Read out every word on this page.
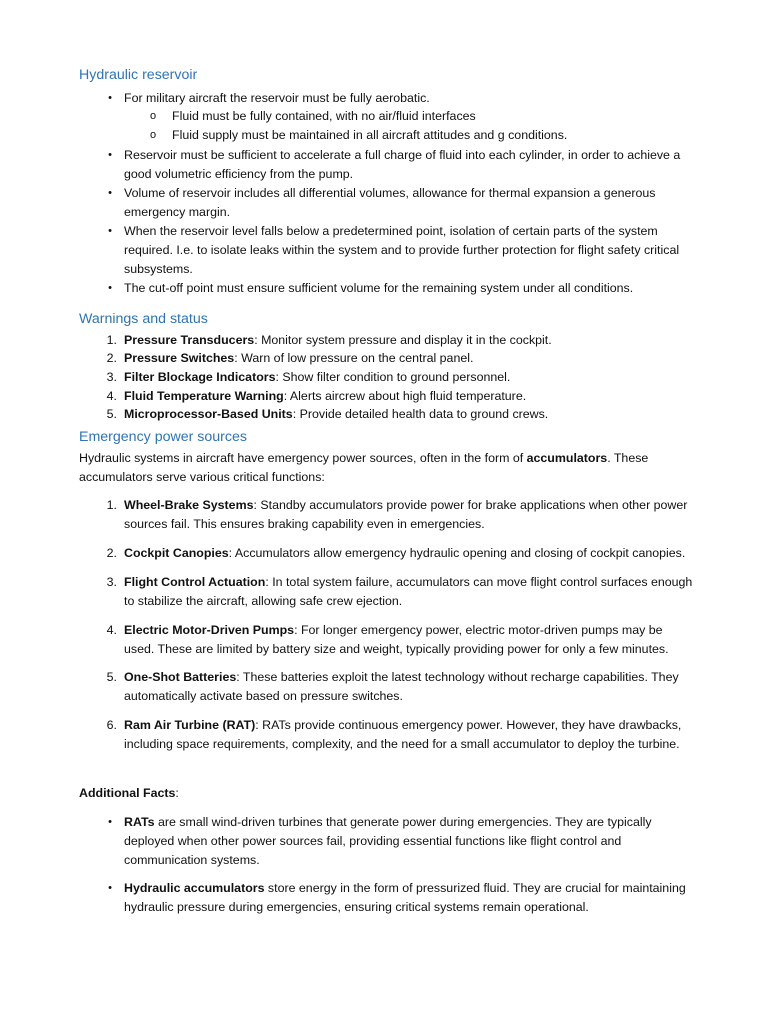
Hydraulic reservoir
• For military aircraft the reservoir must be fully aerobatic.
o Fluid must be fully contained, with no air/fluid interfaces
o Fluid supply must be maintained in all aircraft attitudes and g conditions.
• Reservoir must be sufficient to accelerate a full charge of fluid into each cylinder, in order to achieve a good volumetric efficiency from the pump.
• Volume of reservoir includes all differential volumes, allowance for thermal expansion a generous emergency margin.
• When the reservoir level falls below a predetermined point, isolation of certain parts of the system required. I.e. to isolate leaks within the system and to provide further protection for flight safety critical subsystems.
• The cut-off point must ensure sufficient volume for the remaining system under all conditions.
Warnings and status
1. Pressure Transducers: Monitor system pressure and display it in the cockpit.
2. Pressure Switches: Warn of low pressure on the central panel.
3. Filter Blockage Indicators: Show filter condition to ground personnel.
4. Fluid Temperature Warning: Alerts aircrew about high fluid temperature.
5. Microprocessor-Based Units: Provide detailed health data to ground crews.
Emergency power sources
Hydraulic systems in aircraft have emergency power sources, often in the form of accumulators. These accumulators serve various critical functions:
1. Wheel-Brake Systems: Standby accumulators provide power for brake applications when other power sources fail. This ensures braking capability even in emergencies.
2. Cockpit Canopies: Accumulators allow emergency hydraulic opening and closing of cockpit canopies.
3. Flight Control Actuation: In total system failure, accumulators can move flight control surfaces enough to stabilize the aircraft, allowing safe crew ejection.
4. Electric Motor-Driven Pumps: For longer emergency power, electric motor-driven pumps may be used. These are limited by battery size and weight, typically providing power for only a few minutes.
5. One-Shot Batteries: These batteries exploit the latest technology without recharge capabilities. They automatically activate based on pressure switches.
6. Ram Air Turbine (RAT): RATs provide continuous emergency power. However, they have drawbacks, including space requirements, complexity, and the need for a small accumulator to deploy the turbine.
Additional Facts:
• RATs are small wind-driven turbines that generate power during emergencies. They are typically deployed when other power sources fail, providing essential functions like flight control and communication systems.
• Hydraulic accumulators store energy in the form of pressurized fluid. They are crucial for maintaining hydraulic pressure during emergencies, ensuring critical systems remain operational.
